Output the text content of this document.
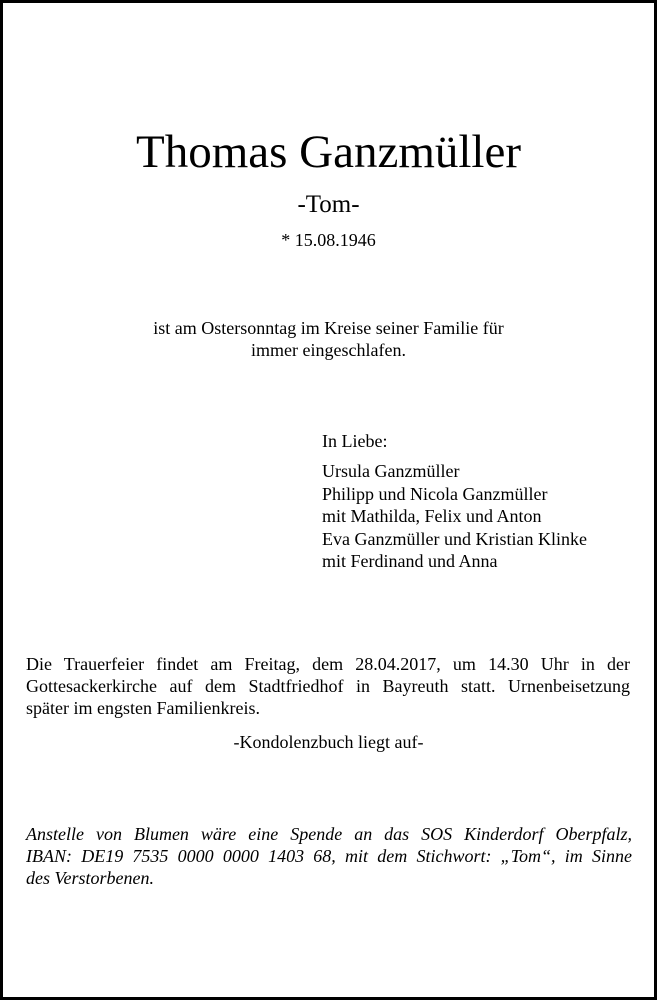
Thomas Ganzmüller
-Tom-
* 15.08.1946
ist am Ostersonntag im Kreise seiner Familie für
immer eingeschlafen.
In Liebe:
Ursula Ganzmüller
Philipp und Nicola Ganzmüller
mit Mathilda, Felix und Anton
Eva Ganzmüller und Kristian Klinke
mit Ferdinand und Anna
Die Trauerfeier findet am Freitag, dem 28.04.2017, um 14.30 Uhr in der
Gottesackerkirche auf dem Stadtfriedhof in Bayreuth statt. Urnenbeisetzung
später im engsten Familienkreis.
-Kondolenzbuch liegt auf-
Anstelle von Blumen wäre eine Spende an das SOS Kinderdorf Oberpfalz,
IBAN: DE19 7535 0000 0000 1403 68, mit dem Stichwort: „Tom“, im Sinne
des Verstorbenen.
